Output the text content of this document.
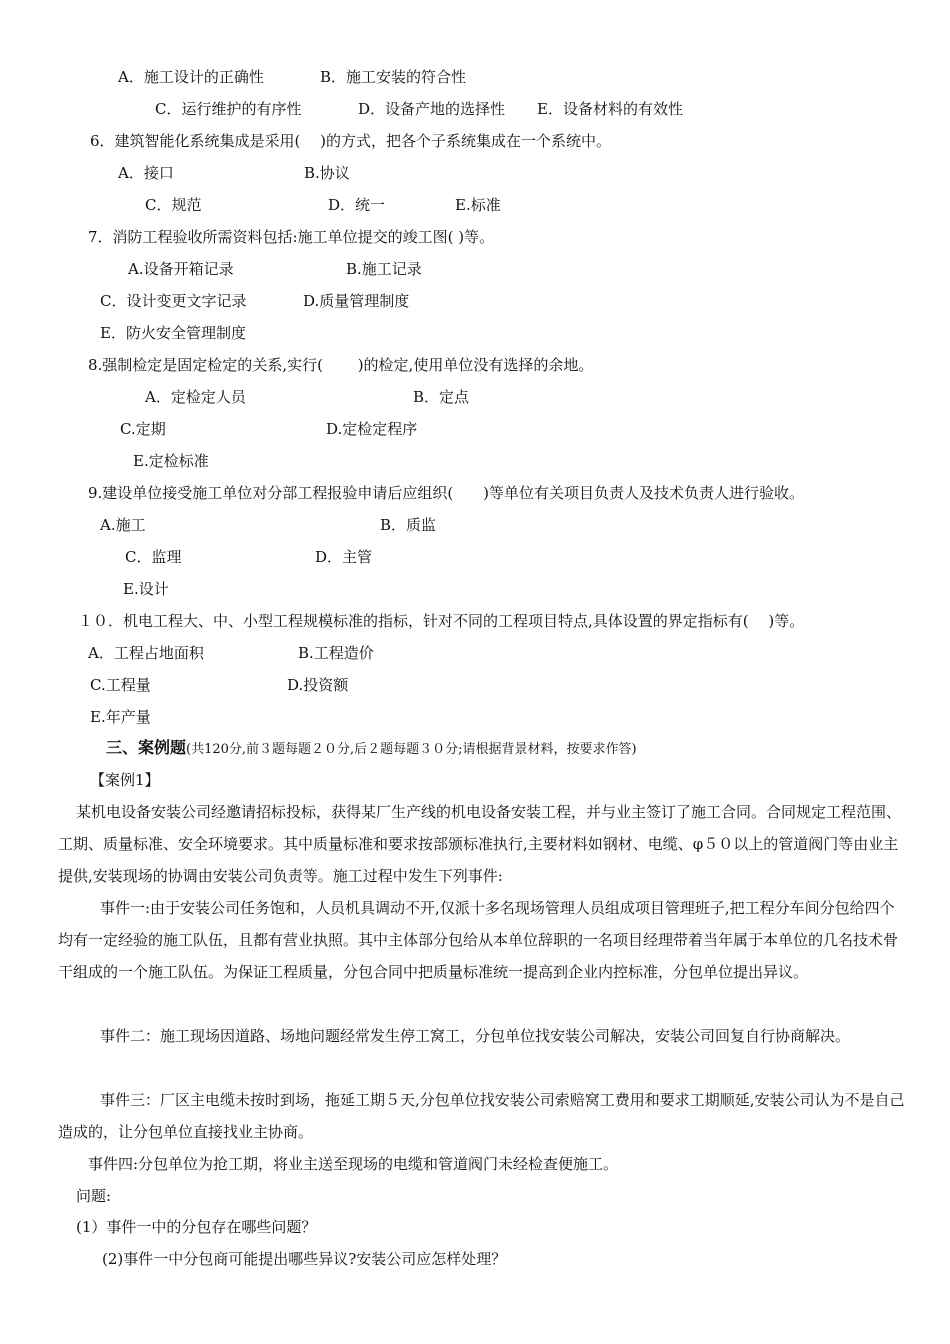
A．施工设计的正确性	B．施工安装的符合性
C．运行维护的有序性	D．设备产地的选择性 E．设备材料的有效性
6．建筑智能化系统集成是采用(　 )的方式，把各个子系统集成在一个系统中。
A．接口	B.协议
C．规范	D．统一	E.标准
7．消防工程验收所需资料包括:施工单位提交的竣工图( )等。
A.设备开箱记录	B.施工记录
C．设计变更文字记录	D.质量管理制度
E．防火安全管理制度
8.强制检定是固定检定的关系,实行(　　 )的检定,使用单位没有选择的余地。
A．定检定人员	B．定点
C.定期	D.定检定程序
E.定检标准
9.建设单位接受施工单位对分部工程报验申请后应组织(　　)等单位有关项目负责人及技术负责人进行验收。
A.施工	B．质监
C．监理	D．主管
E.设计
１０．机电工程大、中、小型工程规模标准的指标，针对不同的工程项目特点,具体设置的界定指标有(　 )等。
A．工程占地面积	B.工程造价
C.工程量	D.投资额
E.年产量
三、案例题(共120分,前３题每题２０分,后２题每题３０分;请根据背景材料，按要求作答)
【案例1】
某机电设备安装公司经邀请招标投标，获得某厂生产线的机电设备安装工程，并与业主签订了施工合同。合同规定工程范围、工期、质量标准、安全环境要求。其中质量标准和要求按部颁标准执行,主要材料如钢材、电缆、φ５０以上的管道阀门等由业主提供,安装现场的协调由安装公司负责等。施工过程中发生下列事件:
事件一:由于安装公司任务饱和，人员机具调动不开,仅派十多名现场管理人员组成项目管理班子,把工程分车间分包给四个均有一定经验的施工队伍，且都有营业执照。其中主体部分包给从本单位辞职的一名项目经理带着当年属于本单位的几名技术骨干组成的一个施工队伍。为保证工程质量，分包合同中把质量标准统一提高到企业内控标准，分包单位提出异议。
事件二：施工现场因道路、场地问题经常发生停工窝工，分包单位找安装公司解决，安装公司回复自行协商解决。
事件三：厂区主电缆未按时到场，拖延工期５天,分包单位找安装公司索赔窝工费用和要求工期顺延,安装公司认为不是自己造成的，让分包单位直接找业主协商。
事件四:分包单位为抢工期，将业主送至现场的电缆和管道阀门未经检查便施工。
问题:
(1）事件一中的分包存在哪些问题？
(2)事件一中分包商可能提出哪些异议?安装公司应怎样处理？
